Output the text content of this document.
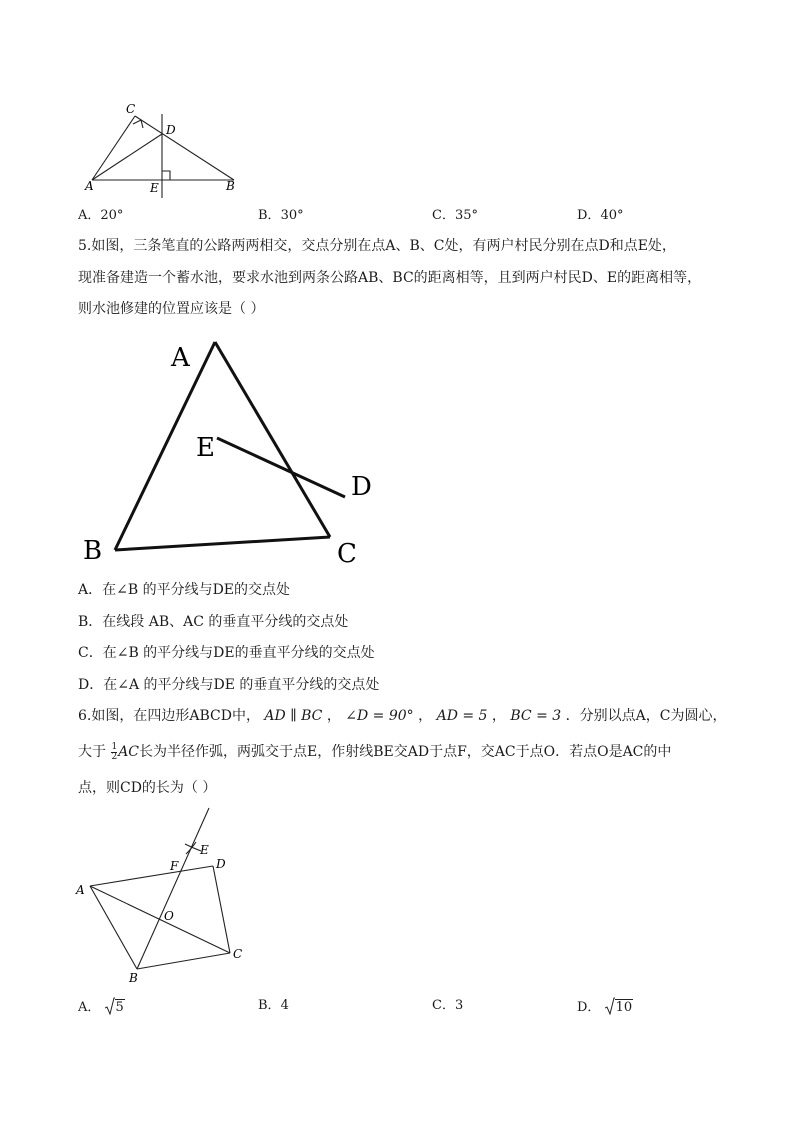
C
D
A	E	B
A．20°	B．30°	C．35°	D．40°
5.如图，三条笔直的公路两两相交，交点分别在点A、B、C处，有两户村民分别在点D和点E处，
现准备建造一个蓄水池，要求水池到两条公路AB、BC的距离相等，且到两户村民D、E的距离相等，
则水池修建的位置应该是（ ）
A
E
D
B	C
A．在∠B 的平分线与DE的交点处
B．在线段 AB、AC 的垂直平分线的交点处
C．在∠B 的平分线与DE的垂直平分线的交点处
D．在∠A 的平分线与DE 的垂直平分线的交点处
6.如图，在四边形ABCD中， AD ∥ BC ， ∠D = 90° ， AD = 5 ， BC = 3 ．分别以点A，C为圆心，
大于 $\frac{1}{2}$ AC长为半径作弧，两弧交于点E，作射线BE交AD于点F，交AC于点O．若点O是AC的中
点，则CD的长为（ ）
A
F
E
D
O
C
B
A． 5	B．4	C．3	D． 10
